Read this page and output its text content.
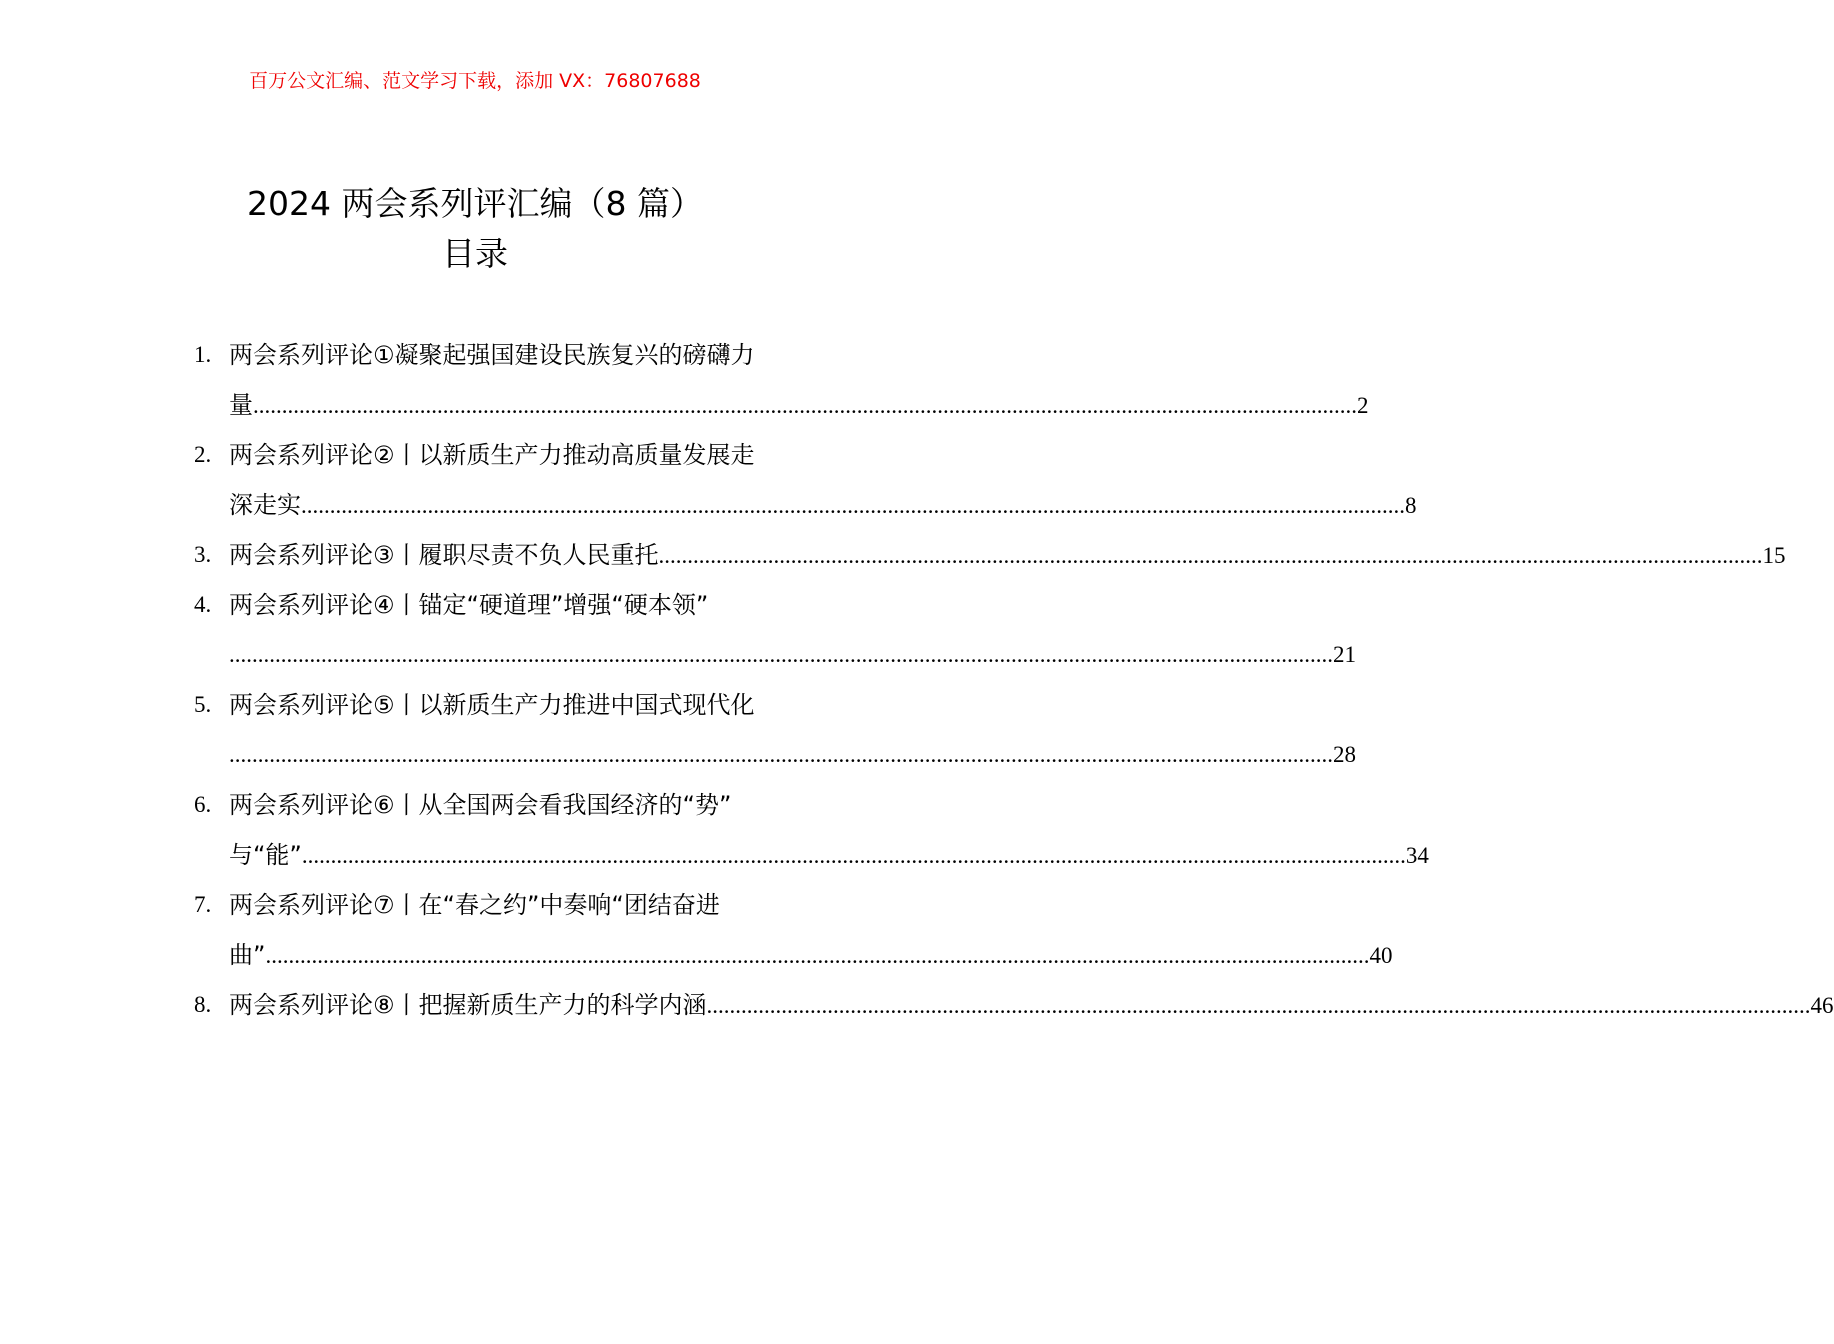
百万公文汇编、范文学习下载，添加 VX：76807688
2024 两会系列评汇编（8 篇）
目录
1. 两会系列评论①凝聚起强国建设民族复兴的磅礴力
量 ................................................................................................................................................................................................ 2
2. 两会系列评论②丨以新质生产力推动高质量发展走
深走实 ................................................................................................................................................................................................ 8
3. 两会系列评论③丨履职尽责不负人民重托 ................................................................................................................................................................................................ 15
4. 两会系列评论④丨锚定“硬道理”增强“硬本领”
................................................................................................................................................................................................ 21
5. 两会系列评论⑤丨以新质生产力推进中国式现代化
................................................................................................................................................................................................ 28
6. 两会系列评论⑥丨从全国两会看我国经济的“势”
与“能” ................................................................................................................................................................................................ 34
7. 两会系列评论⑦丨在“春之约”中奏响“团结奋进
曲” ................................................................................................................................................................................................ 40
8. 两会系列评论⑧丨把握新质生产力的科学内涵 ................................................................................................................................................................................................ 46
